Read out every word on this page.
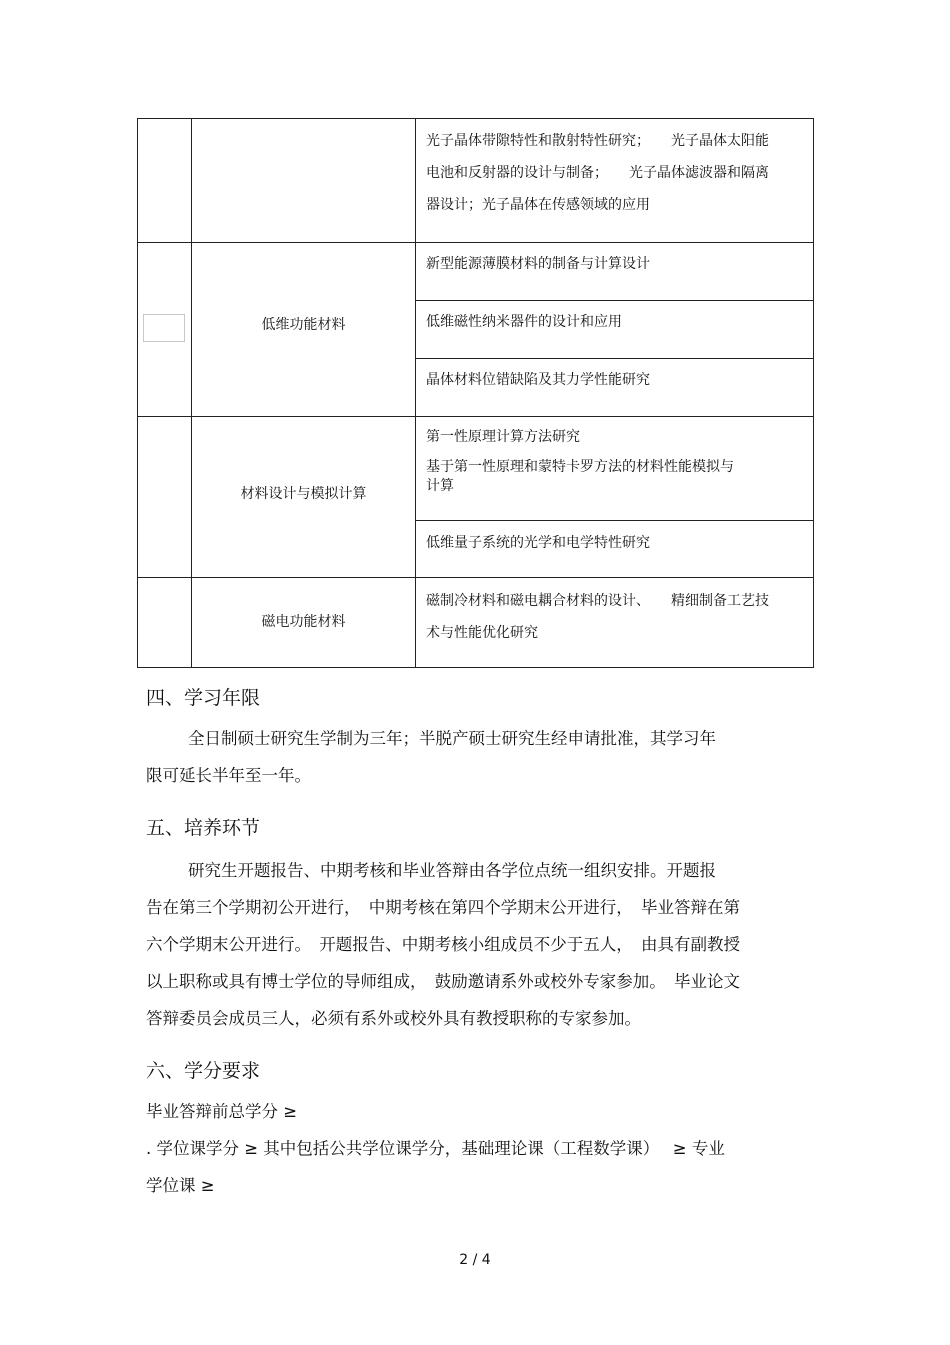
光子晶体带隙特性和散射特性研究；　　光子晶体太阳能
电池和反射器的设计与制备；　　光子晶体滤波器和隔离
器设计；光子晶体在传感领域的应用
低维功能材料
新型能源薄膜材料的制备与计算设计
低维磁性纳米器件的设计和应用
晶体材料位错缺陷及其力学性能研究
材料设计与模拟计算
第一性原理计算方法研究
基于第一性原理和蒙特卡罗方法的材料性能模拟与
计算
低维量子系统的光学和电学特性研究
磁电功能材料
磁制冷材料和磁电耦合材料的设计、　　精细制备工艺技
术与性能优化研究
四、学习年限
全日制硕士研究生学制为三年；半脱产硕士研究生经申请批准，其学习年
限可延长半年至一年。
五、培养环节
研究生开题报告、中期考核和毕业答辩由各学位点统一组织安排。开题报
告在第三个学期初公开进行，　中期考核在第四个学期末公开进行，　毕业答辩在第
六个学期末公开进行。　开题报告、中期考核小组成员不少于五人，　由具有副教授
以上职称或具有博士学位的导师组成，　鼓励邀请系外或校外专家参加。　毕业论文
答辩委员会成员三人，必须有系外或校外具有教授职称的专家参加。
六、学分要求
毕业答辩前总学分 ≥
. 学位课学分 ≥ 其中包括公共学位课学分，基础理论课（工程数学课）　 ≥ 专业
学位课 ≥
2 / 4
